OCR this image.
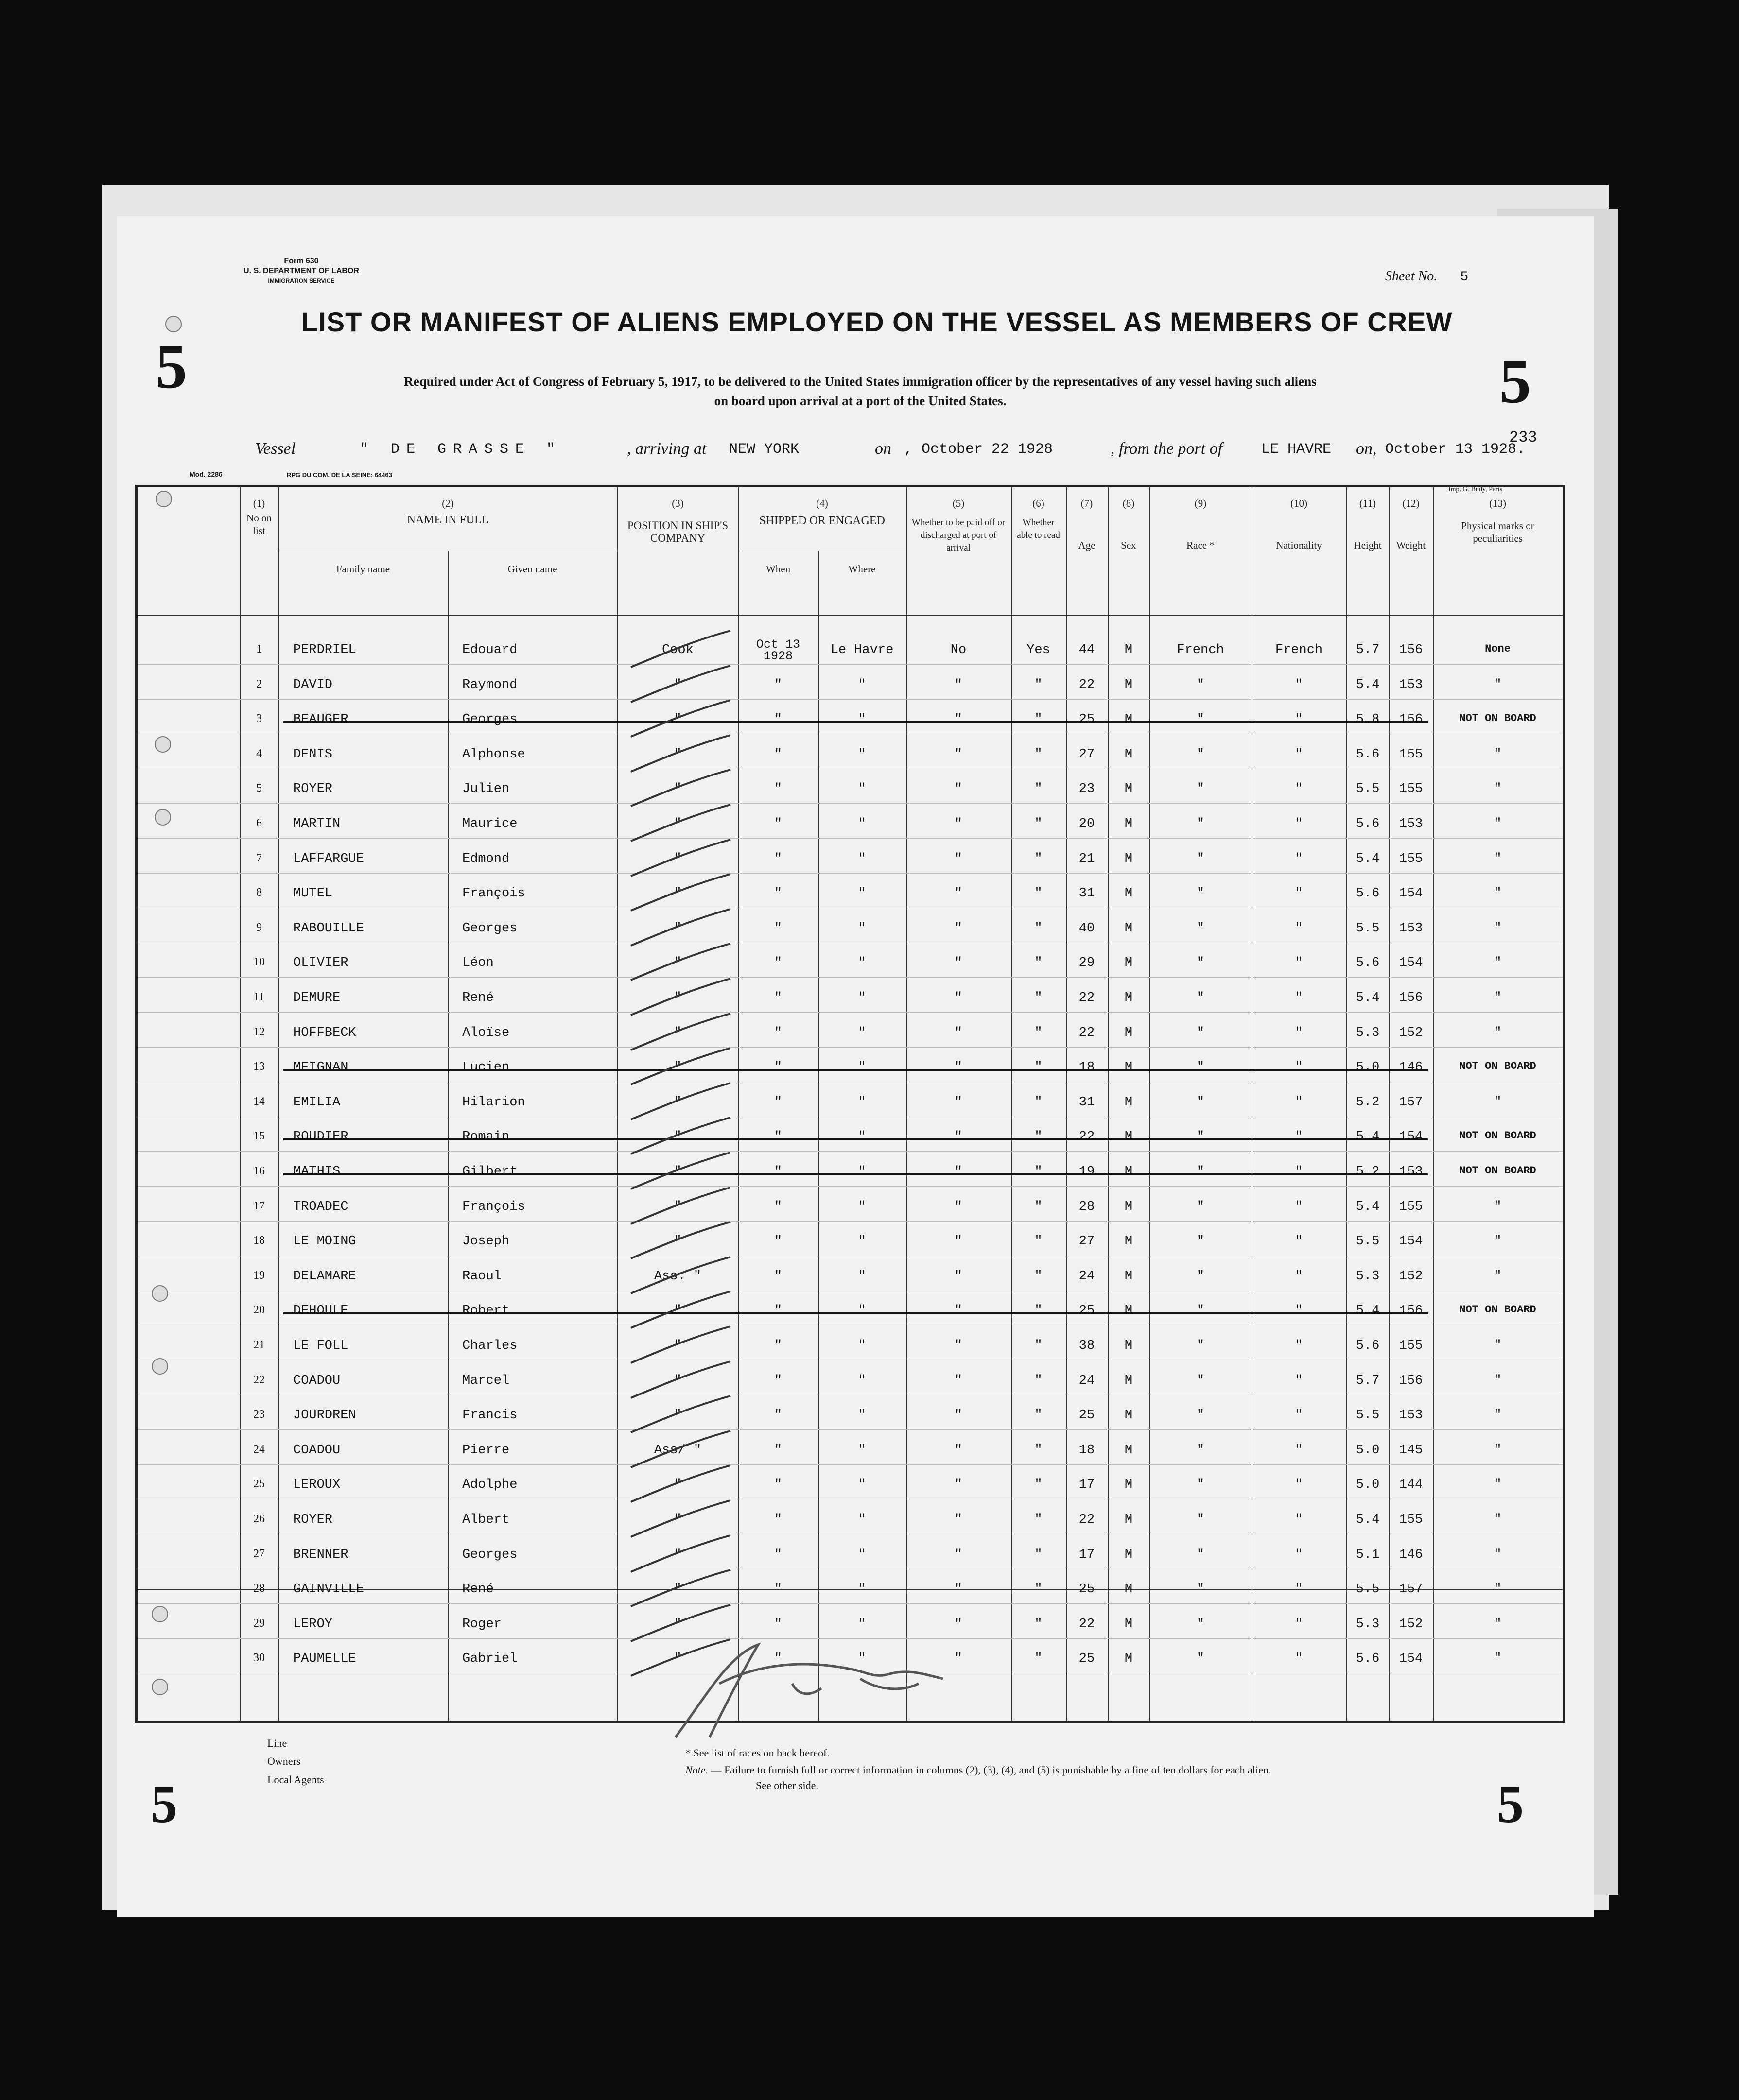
Form 630
U. S. DEPARTMENT OF LABOR
IMMIGRATION SERVICE	Sheet No. 5
LIST OR MANIFEST OF ALIENS EMPLOYED ON THE VESSEL AS MEMBERS OF CREW
Required under Act of Congress of February 5, 1917, to be delivered to the United States immigration officer by the representatives of any vessel having such aliens
on board upon arrival at a port of the United States.
5	5
Vessel	" DE GRASSE "	, arriving at NEW YORK	on , October 22 1928	, from the port of	LE HAVRE on, October 13 1928.
233
Mod. 2286	RPG DU COM. DE LA SEINE: 64463
Imp. G. Budy, Paris
(1)
No on list
(2)
NAME IN FULL
Family name	Given name
(3)
POSITION IN SHIP'S COMPANY
(4)
SHIPPED OR ENGAGED
When	Where
(5)
Whether to be paid off or discharged at port of arrival
(6)
Whether able to read
(7)
Age
(8)
Sex
(9)
Race *
(10)
Nationality
(11)
Height
(12)
Weight
(13)
Physical marks or peculiarities
1	PERDRIEL	Edouard	Cook	Oct 13 1928	Le Havre	No	Yes	44	M	French	French	5.7	156	None
2	DAVID	Raymond	"	"	"	"	"	22	M	"	"	5.4	153	"
3	BEAUGER	Georges	"	"	"	"	"	25	M	"	"	5.8	156	NOT ON BOARD
4	DENIS	Alphonse	"	"	"	"	"	27	M	"	"	5.6	155	"
5	ROYER	Julien	"	"	"	"	"	23	M	"	"	5.5	155	"
6	MARTIN	Maurice	"	"	"	"	"	20	M	"	"	5.6	153	"
7	LAFFARGUE	Edmond	"	"	"	"	"	21	M	"	"	5.4	155	"
8	MUTEL	François	"	"	"	"	"	31	M	"	"	5.6	154	"
9	RABOUILLE	Georges	"	"	"	"	"	40	M	"	"	5.5	153	"
10	OLIVIER	Léon	"	"	"	"	"	29	M	"	"	5.6	154	"
11	DEMURE	René	"	"	"	"	"	22	M	"	"	5.4	156	"
12	HOFFBECK	Aloïse	"	"	"	"	"	22	M	"	"	5.3	152	"
13	MEIGNAN	Lucien	"	"	"	"	"	18	M	"	"	5.0	146	NOT ON BOARD
14	EMILIA	Hilarion	"	"	"	"	"	31	M	"	"	5.2	157	"
15	ROUDIER	Romain	"	"	"	"	"	22	M	"	"	5.4	154	NOT ON BOARD
16	MATHIS	Gilbert	"	"	"	"	"	19	M	"	"	5.2	153	NOT ON BOARD
17	TROADEC	François	"	"	"	"	"	28	M	"	"	5.4	155	"
18	LE MOING	Joseph	"	"	"	"	"	27	M	"	"	5.5	154	"
19	DELAMARE	Raoul	Ass. "	"	"	"	"	24	M	"	"	5.3	152	"
20	DEHOULE	Robert	"	"	"	"	"	25	M	"	"	5.4	156	NOT ON BOARD
21	LE FOLL	Charles	"	"	"	"	"	38	M	"	"	5.6	155	"
22	COADOU	Marcel	"	"	"	"	"	24	M	"	"	5.7	156	"
23	JOURDREN	Francis	"	"	"	"	"	25	M	"	"	5.5	153	"
24	COADOU	Pierre	Ass/ "	"	"	"	"	18	M	"	"	5.0	145	"
25	LEROUX	Adolphe	"	"	"	"	"	17	M	"	"	5.0	144	"
26	ROYER	Albert	"	"	"	"	"	22	M	"	"	5.4	155	"
27	BRENNER	Georges	"	"	"	"	"	17	M	"	"	5.1	146	"
28	GAINVILLE	René	"	"	"	"	"	25	M	"	"	5.5	157	"
29	LEROY	Roger	"	"	"	"	"	22	M	"	"	5.3	152	"
30	PAUMELLE	Gabriel	"	"	"	"	"	25	M	"	"	5.6	154	"
Line
Owners
Local Agents
* See list of races on back hereof.
Note. — Failure to furnish full or correct information in columns (2), (3), (4), and (5) is punishable by a fine of ten dollars for each alien.
See other side.
5	5
